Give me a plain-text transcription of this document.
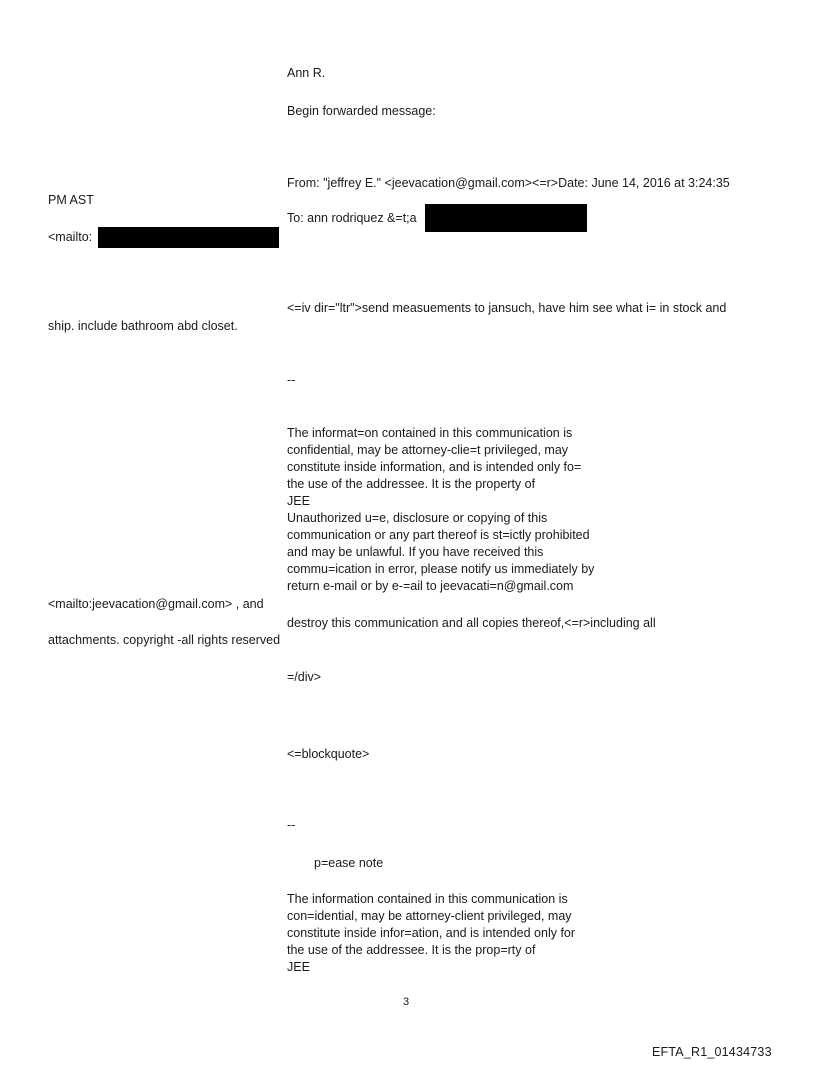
Ann R.
Begin forwarded message:
From: "jeffrey E." <jeevacation@gmail.com><=r>Date: June 14, 2016 at 3:24:35
PM AST
To: ann rodriquez &=t;a
<mailto:
<=iv dir="ltr">send measuements to jansuch, have him see what i= in stock and
ship. include bathroom abd closet.
--
The informat=on contained in this communication is
confidential, may be attorney-clie=t privileged, may
constitute inside information, and is intended only fo=
the use of the addressee. It is the property of
JEE
Unauthorized u=e, disclosure or copying of this
communication or any part thereof is st=ictly prohibited
and may be unlawful. If you have received this
commu=ication in error, please notify us immediately by
return e-mail or by e-=ail to jeevacati=n@gmail.com
<mailto:jeevacation@gmail.com> , and
destroy this communication and all copies thereof,<=r>including all
attachments. copyright -all rights reserved
=/div>
<=blockquote>
--
p=ease note
The information contained in this communication is
con=idential, may be attorney-client privileged, may
constitute inside infor=ation, and is intended only for
the use of the addressee. It is the prop=rty of
JEE
3
EFTA_R1_01434733
